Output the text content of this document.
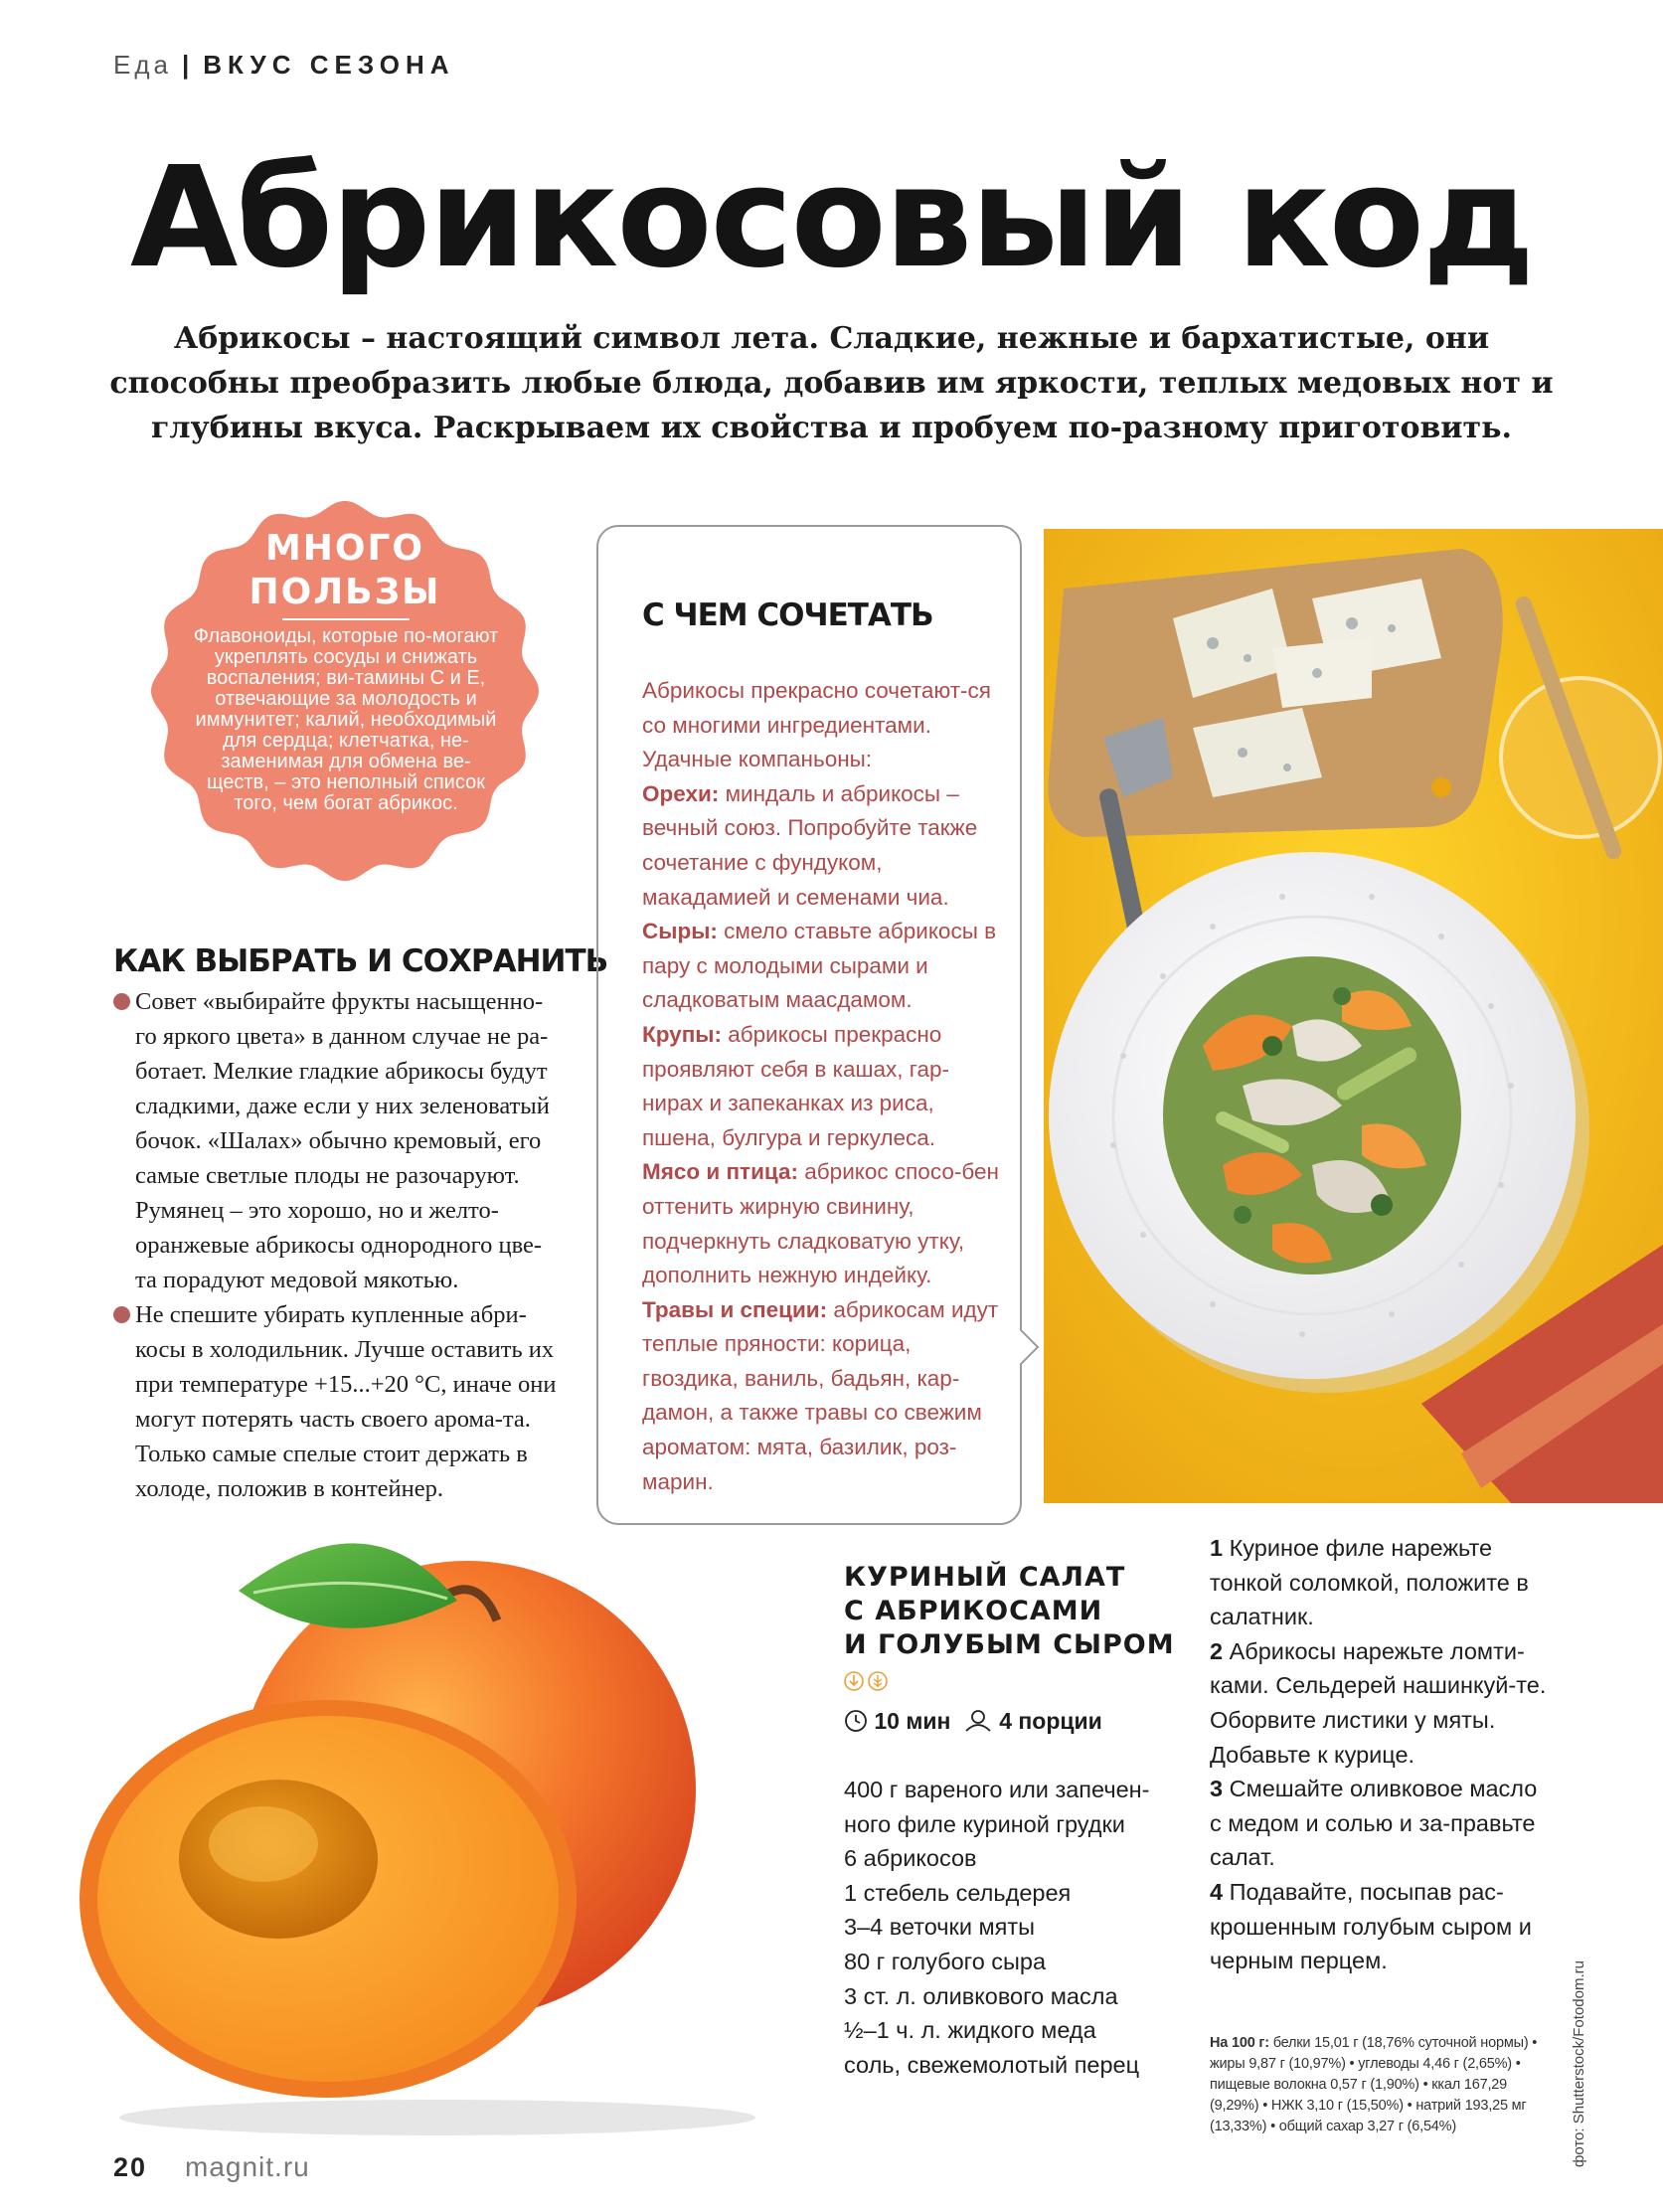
Еда | ВКУС СЕЗОНА
Абрикосовый код
Абрикосы – настоящий символ лета. Сладкие, нежные и бархатистые, они способны преобразить любые блюда, добавив им яркости, теплых медовых нот и глубины вкуса. Раскрываем их свойства и пробуем по-разному приготовить.
МНОГО
ПОЛЬЗЫ
Флавоноиды, которые по-могают укреплять сосуды и снижать воспаления; ви-тамины С и Е, отвечающие за молодость и иммунитет; калий, необходимый для сердца; клетчатка, не-заменимая для обмена ве-ществ, – это неполный список того, чем богат абрикос.
КАК ВЫБРАТЬ И СОХРАНИТЬ

Совет «выбирайте фрукты насыщенно-го яркого цвета» в данном случае не ра-ботает. Мелкие гладкие абрикосы будут сладкими, даже если у них зеленоватый бочок. «Шалах» обычно кремовый, его самые светлые плоды не разочаруют. Румянец – это хорошо, но и желто-оранжевые абрикосы однородного цве-та порадуют медовой мякотью.

Не спешите убирать купленные абри-косы в холодильник. Лучше оставить их при температуре +15...+20 °С, иначе они могут потерять часть своего арома-та. Только самые спелые стоит держать в холоде, положив в контейнер.

С ЧЕМ СОЧЕТАТЬ
Абрикосы прекрасно сочетают-ся со многими ингредиентами. Удачные компаньоны:
Орехи: миндаль и абрикосы – вечный союз. Попробуйте также сочетание с фундуком, макадамией и семенами чиа.
Сыры: смело ставьте абрикосы в пару с молодыми сырами и сладковатым маасдамом.
Крупы: абрикосы прекрасно проявляют себя в кашах, гар-нирах и запеканках из риса, пшена, булгура и геркулеса.
Мясо и птица: абрикос спосо-бен оттенить жирную свинину, подчеркнуть сладковатую утку, дополнить нежную индейку.
Травы и специи: абрикосам идут теплые пряности: корица, гвоздика, ваниль, бадьян, кар-дамон, а также травы со свежим ароматом: мята, базилик, роз-марин.
КУРИНЫЙ САЛАТ
С АБРИКОСАМИ
И ГОЛУБЫМ СЫРОМ
10 мин 4 порции
400 г вареного или запечен-ного филе куриной грудки
6 абрикосов
1 стебель сельдерея
3–4 веточки мяты
80 г голубого сыра
3 ст. л. оливкового масла
½–1 ч. л. жидкого меда
соль, свежемолотый перец

1 Куриное филе нарежьте тонкой соломкой, положите в салатник.

2 Абрикосы нарежьте ломти-ками. Сельдерей нашинкуй-те. Оборвите листики у мяты. Добавьте к курице.

3 Смешайте оливковое масло с медом и солью и за-правьте салат.

4 Подавайте, посыпав рас-крошенным голубым сыром и черным перцем.

На 100 г: белки 15,01 г (18,76% суточной нормы) • жиры 9,87 г (10,97%) • углеводы 4,46 г (2,65%) • пищевые волокна 0,57 г (1,90%) • ккал 167,29 (9,29%) • НЖК 3,10 г (15,50%) • натрий 193,25 мг (13,33%) • общий сахар 3,27 г (6,54%)	фото: Shutterstock/Fotodom.ru
20 magnit.ru
